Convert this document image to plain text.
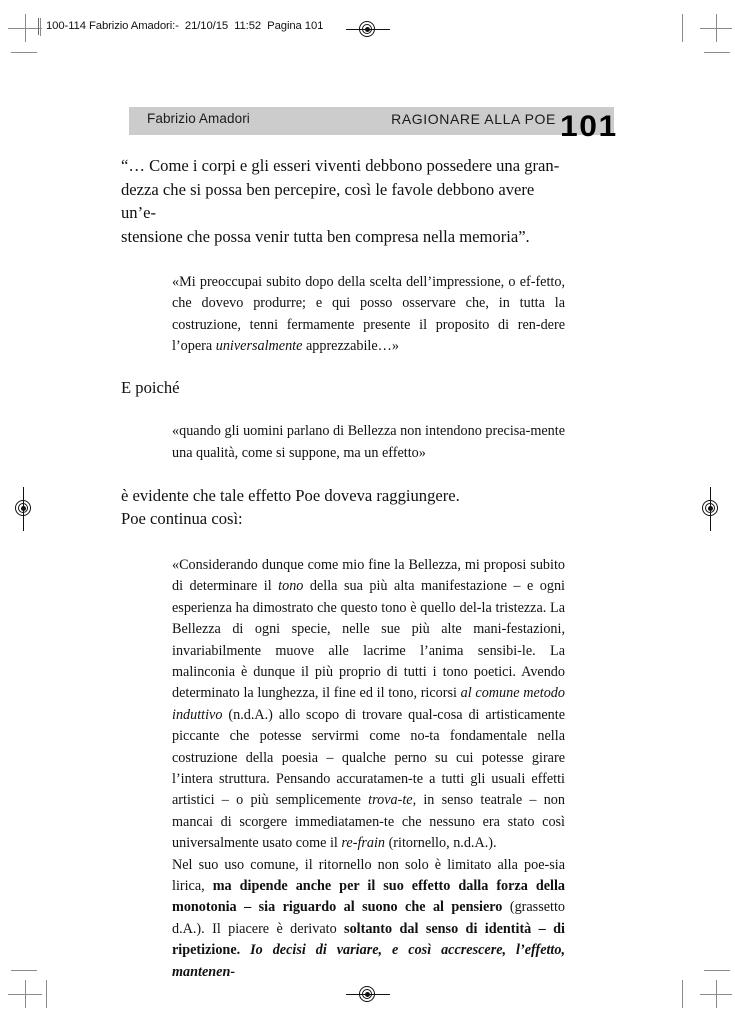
100-114 Fabrizio Amadori:-  21/10/15  11:52  Pagina 101
Fabrizio Amadori	RAGIONARE ALLA POE 101

“… Come i corpi e gli esseri viventi debbono possedere una gran-

dezza che si possa ben percepire, così le favole debbono avere un’e-

stensione che possa venir tutta ben compresa nella memoria”.

«Mi preoccupai subito dopo della scelta dell’impressione, o ef-fetto, che dovevo produrre; e qui posso osservare che, in tutta la costruzione, tenni fermamente presente il proposito di ren-dere l’opera universalmente apprezzabile…»

E poiché

«quando gli uomini parlano di Bellezza non intendono precisa-mente una qualità, come si suppone, ma un effetto»

è evidente che tale effetto Poe doveva raggiungere.

Poe continua così:

«Considerando dunque come mio fine la Bellezza, mi proposi subito di determinare il tono della sua più alta manifestazione – e ogni esperienza ha dimostrato che questo tono è quello del-la tristezza. La Bellezza di ogni specie, nelle sue più alte mani-festazioni, invariabilmente muove alle lacrime l’anima sensibi-le. La malinconia è dunque il più proprio di tutti i tono poetici. Avendo determinato la lunghezza, il fine ed il tono, ricorsi al comune metodo induttivo (n.d.A.) allo scopo di trovare qual-cosa di artisticamente piccante che potesse servirmi come no-ta fondamentale nella costruzione della poesia – qualche perno su cui potesse girare l’intera struttura. Pensando accuratamen-te a tutti gli usuali effetti artistici – o più semplicemente trova-te, in senso teatrale – non mancai di scorgere immediatamen-te che nessuno era stato così universalmente usato come il re-frain (ritornello, n.d.A.).

Nel suo uso comune, il ritornello non solo è limitato alla poe-sia lirica, ma dipende anche per il suo effetto dalla forza della monotonia – sia riguardo al suono che al pensiero (grassetto d.A.). Il piacere è derivato soltanto dal senso di identità – di ripetizione. Io decisi di variare, e così accrescere, l’effetto, mantenen-
